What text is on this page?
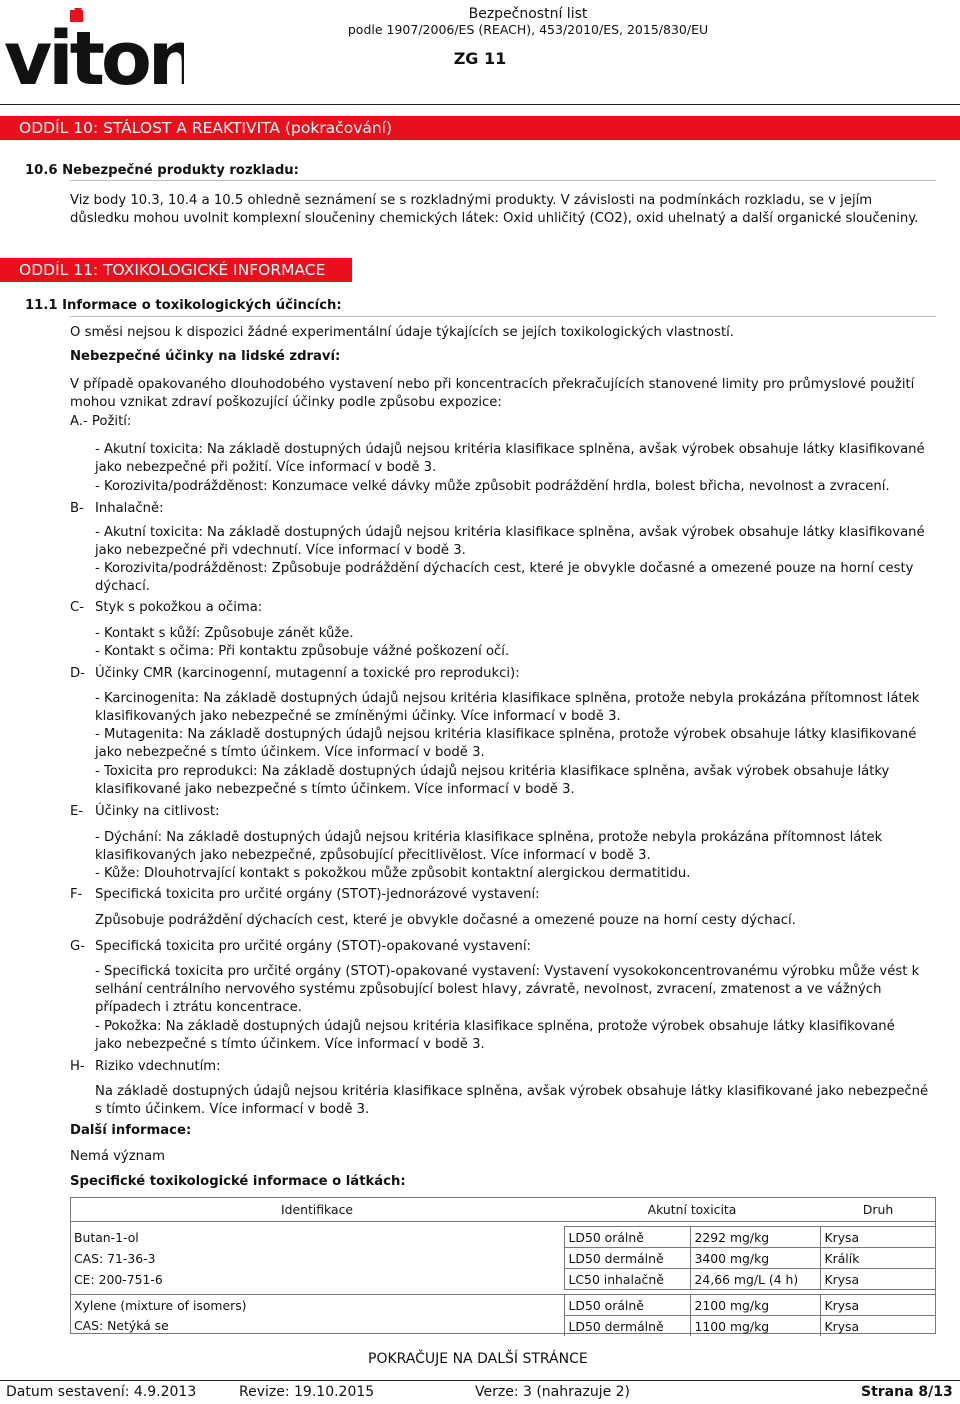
viton
Bezpečnostní list
podle 1907/2006/ES (REACH), 453/2010/ES, 2015/830/EU
ZG 11
ODDÍL 10: STÁLOST A REAKTIVITA (pokračování)
10.6 Nebezpečné produkty rozkladu:
Viz body 10.3, 10.4 a 10.5 ohledně seznámení se s rozkladnými produkty. V závislosti na podmínkách rozkladu, se v jejím
důsledku mohou uvolnit komplexní sloučeniny chemických látek: Oxid uhličitý (CO2), oxid uhelnatý a další organické sloučeniny.
ODDÍL 11: TOXIKOLOGICKÉ INFORMACE
11.1 Informace o toxikologických účincích:
O směsi nejsou k dispozici žádné experimentální údaje týkajících se jejích toxikologických vlastností.
Nebezpečné účinky na lidské zdraví:
V případě opakovaného dlouhodobého vystavení nebo při koncentracích překračujících stanovené limity pro průmyslové použití
mohou vznikat zdraví poškozující účinky podle způsobu expozice:
A.- Požití:
- Akutní toxicita: Na základě dostupných údajů nejsou kritéria klasifikace splněna, avšak výrobek obsahuje látky klasifikované
jako nebezpečné při požití. Více informací v bodě 3.
- Korozivita/podrážděnost: Konzumace velké dávky může způsobit podráždění hrdla, bolest břicha, nevolnost a zvracení.
B- Inhalačně:
- Akutní toxicita: Na základě dostupných údajů nejsou kritéria klasifikace splněna, avšak výrobek obsahuje látky klasifikované
jako nebezpečné při vdechnutí. Více informací v bodě 3.
- Korozivita/podrážděnost: Způsobuje podráždění dýchacích cest, které je obvykle dočasné a omezené pouze na horní cesty
dýchací.
C- Styk s pokožkou a očima:
- Kontakt s kůží: Způsobuje zánět kůže.
- Kontakt s očima: Při kontaktu způsobuje vážné poškození očí.
D- Účinky CMR (karcinogenní, mutagenní a toxické pro reprodukci):
- Karcinogenita: Na základě dostupných údajů nejsou kritéria klasifikace splněna, protože nebyla prokázána přítomnost látek
klasifikovaných jako nebezpečné se zmíněnými účinky. Více informací v bodě 3.
- Mutagenita: Na základě dostupných údajů nejsou kritéria klasifikace splněna, protože výrobek obsahuje látky klasifikované
jako nebezpečné s tímto účinkem. Více informací v bodě 3.
- Toxicita pro reprodukci: Na základě dostupných údajů nejsou kritéria klasifikace splněna, avšak výrobek obsahuje látky
klasifikované jako nebezpečné s tímto účinkem. Více informací v bodě 3.
E- Účinky na citlivost:
- Dýchání: Na základě dostupných údajů nejsou kritéria klasifikace splněna, protože nebyla prokázána přítomnost látek
klasifikovaných jako nebezpečné, způsobující přecitlivělost. Více informací v bodě 3.
- Kůže: Dlouhotrvající kontakt s pokožkou může způsobit kontaktní alergickou dermatitidu.
F- Specifická toxicita pro určité orgány (STOT)-jednorázové vystavení:
Způsobuje podráždění dýchacích cest, které je obvykle dočasné a omezené pouze na horní cesty dýchací.
G- Specifická toxicita pro určité orgány (STOT)-opakované vystavení:
- Specifická toxicita pro určité orgány (STOT)-opakované vystavení: Vystavení vysokokoncentrovanému výrobku může vést k
selhání centrálního nervového systému způsobující bolest hlavy, závratě, nevolnost, zvracení, zmatenost a ve vážných
případech i ztrátu koncentrace.
- Pokožka: Na základě dostupných údajů nejsou kritéria klasifikace splněna, protože výrobek obsahuje látky klasifikované
jako nebezpečné s tímto účinkem. Více informací v bodě 3.
H- Riziko vdechnutím:
Na základě dostupných údajů nejsou kritéria klasifikace splněna, avšak výrobek obsahuje látky klasifikované jako nebezpečné
s tímto účinkem. Více informací v bodě 3.
Další informace:
Nemá význam
Specifické toxikologické informace o látkách:
Identifikace	Akutní toxicita		Druh

Butan-1-ol	LD50 orálně	2292 mg/kg	Krysa
CAS: 71-36-3	LD50 dermálně	3400 mg/kg	Králík
CE: 200-751-6	LC50 inhalačně	24,66 mg/L (4 h)	Krysa

Xylene (mixture of isomers)	LD50 orálně	2100 mg/kg	Krysa
CAS: Netýká se	LD50 dermálně	1100 mg/kg	Krysa
POKRAČUJE NA DALŠÍ STRÁNCE
Datum sestavení: 4.9.2013	Revize: 19.10.2015	Verze: 3 (nahrazuje 2)	Strana 8/13
